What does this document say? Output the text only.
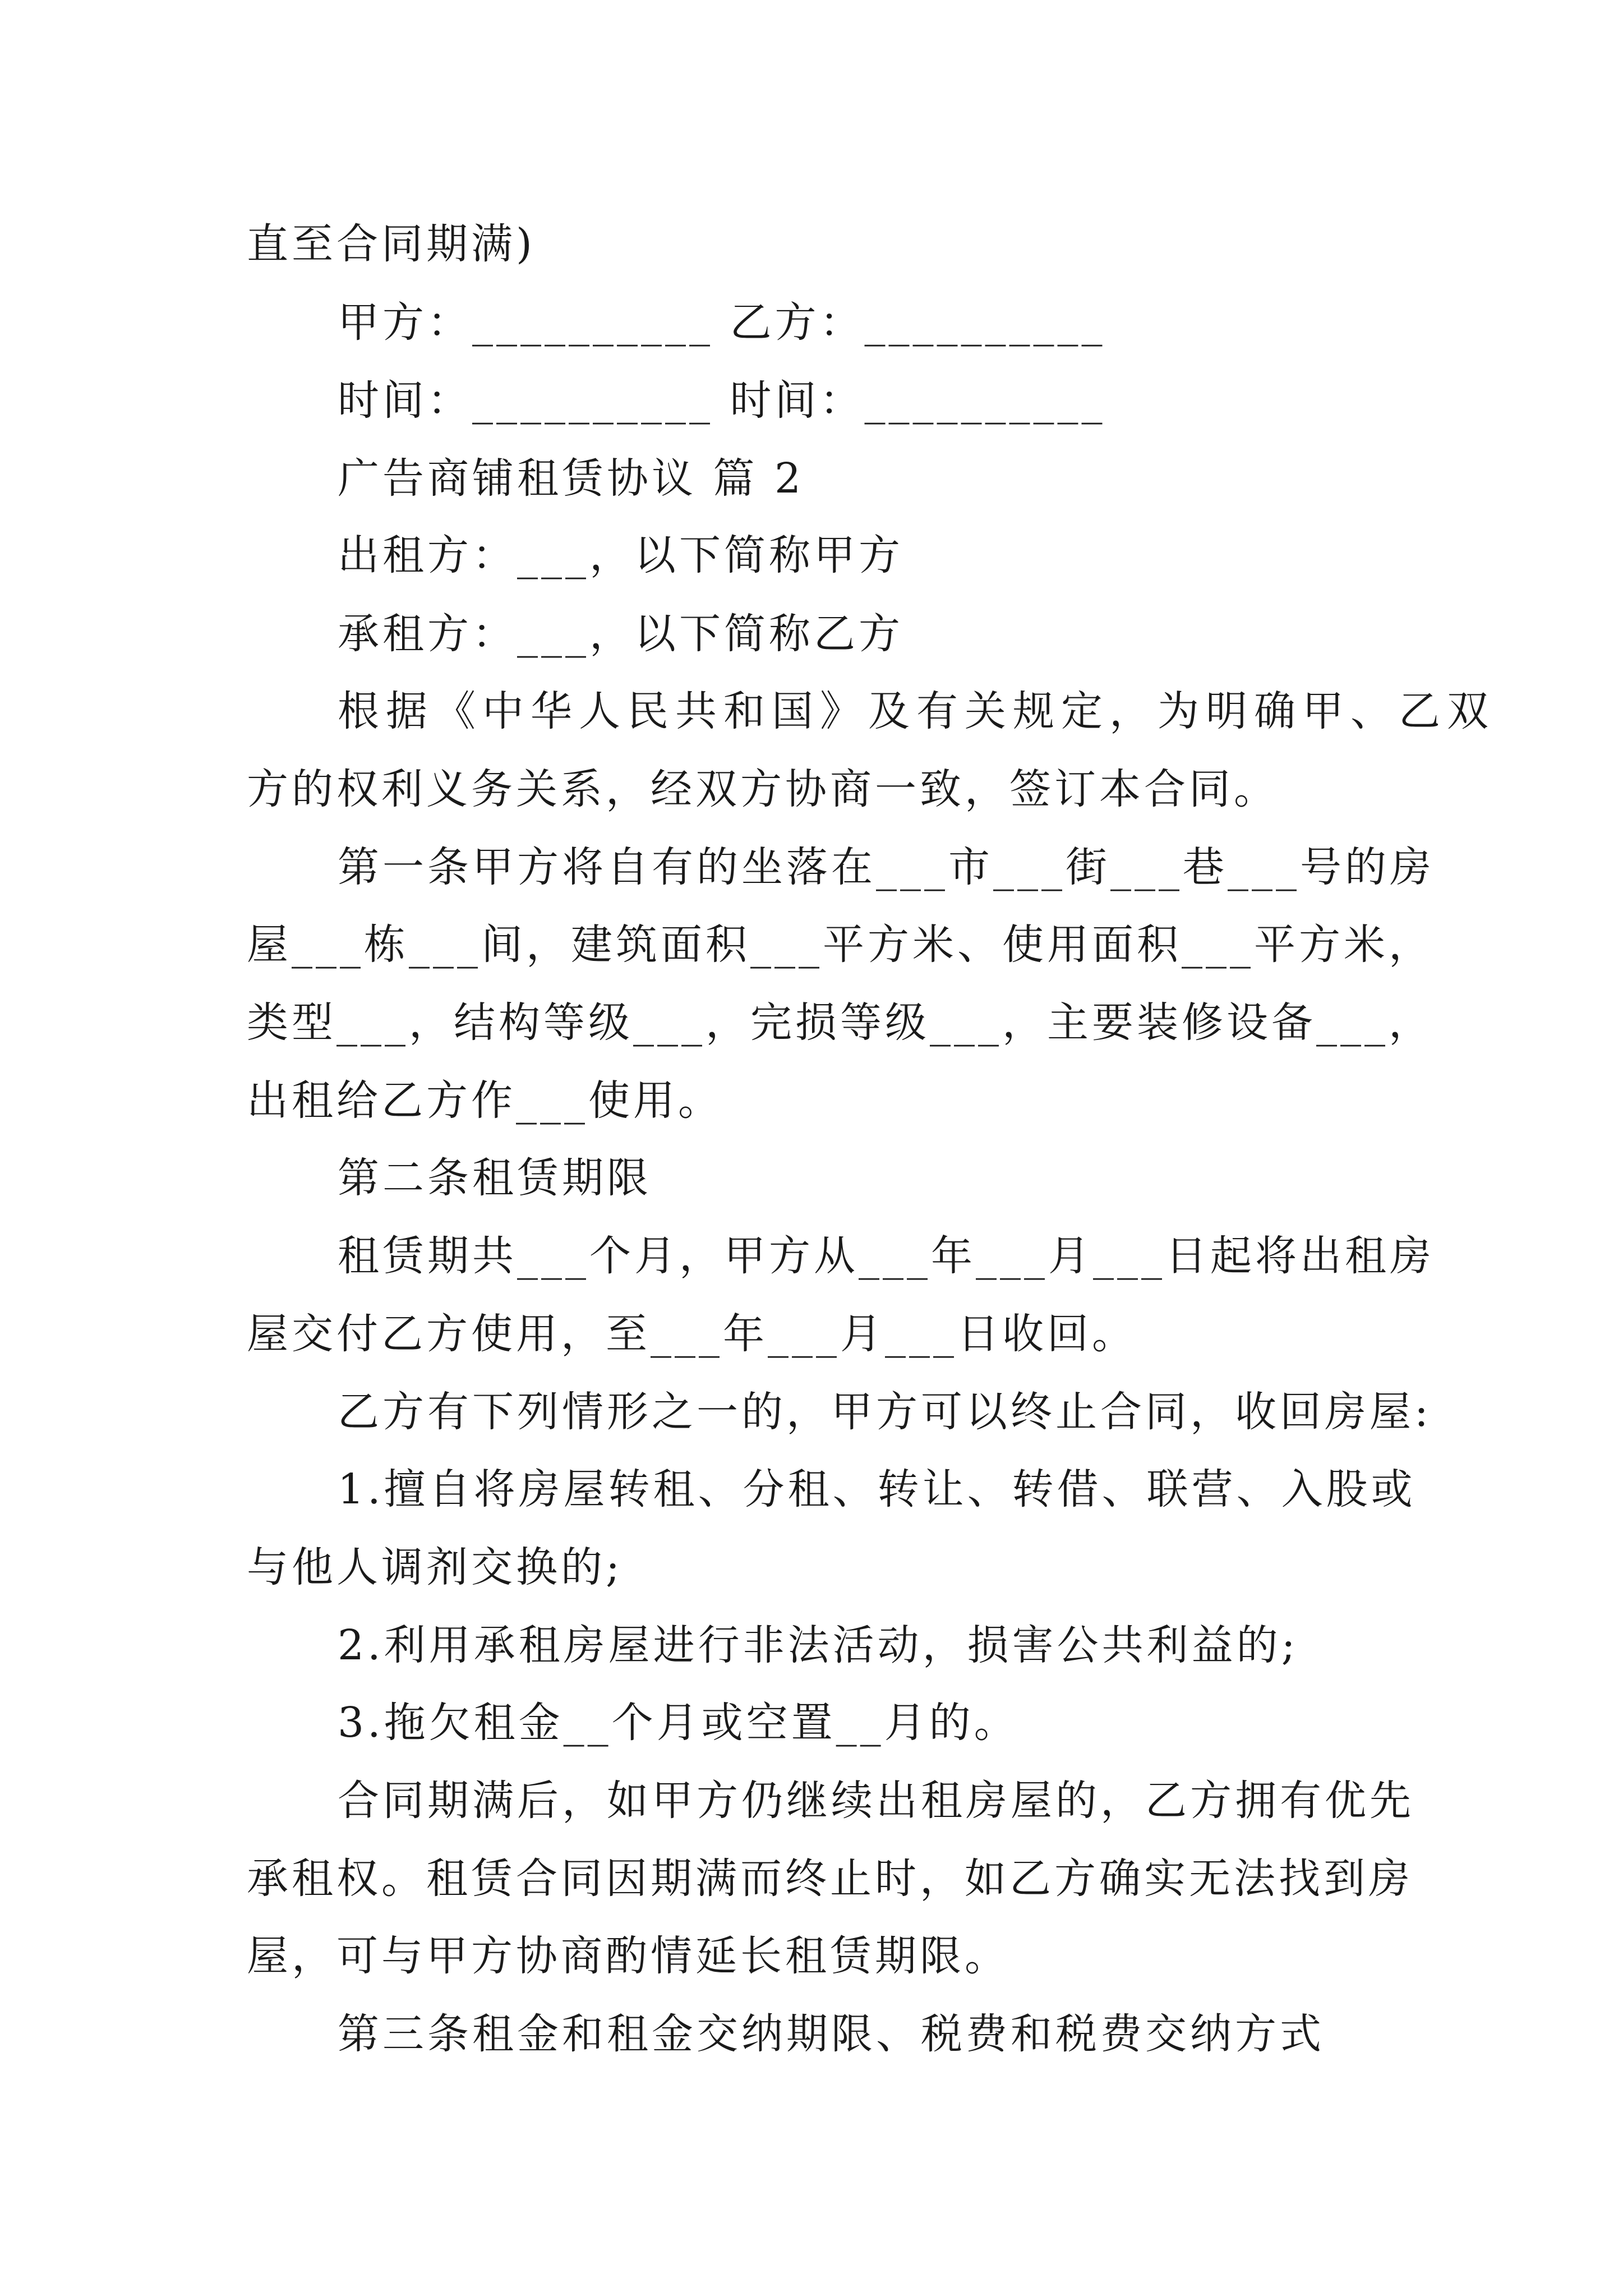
直至合同期满)
甲方：__________ 乙方：__________
时间：__________ 时间：__________
广告商铺租赁协议 篇 2
出租方：___，以下简称甲方
承租方：___，以下简称乙方
根据《中华人民共和国》及有关规定，为明确甲、乙双
方的权利义务关系，经双方协商一致，签订本合同。
第一条甲方将自有的坐落在___市___街___巷___号的房
屋___栋___间，建筑面积___平方米、使用面积___平方米，
类型___，结构等级___，完损等级___，主要装修设备___，
出租给乙方作___使用。
第二条租赁期限
租赁期共___个月，甲方从___年___月___日起将出租房
屋交付乙方使用，至___年___月___日收回。
乙方有下列情形之一的，甲方可以终止合同，收回房屋:
1.擅自将房屋转租、分租、转让、转借、联营、入股或
与他人调剂交换的;
2.利用承租房屋进行非法活动，损害公共利益的;
3.拖欠租金__个月或空置__月的。
合同期满后，如甲方仍继续出租房屋的，乙方拥有优先
承租权。租赁合同因期满而终止时，如乙方确实无法找到房
屋，可与甲方协商酌情延长租赁期限。
第三条租金和租金交纳期限、税费和税费交纳方式
